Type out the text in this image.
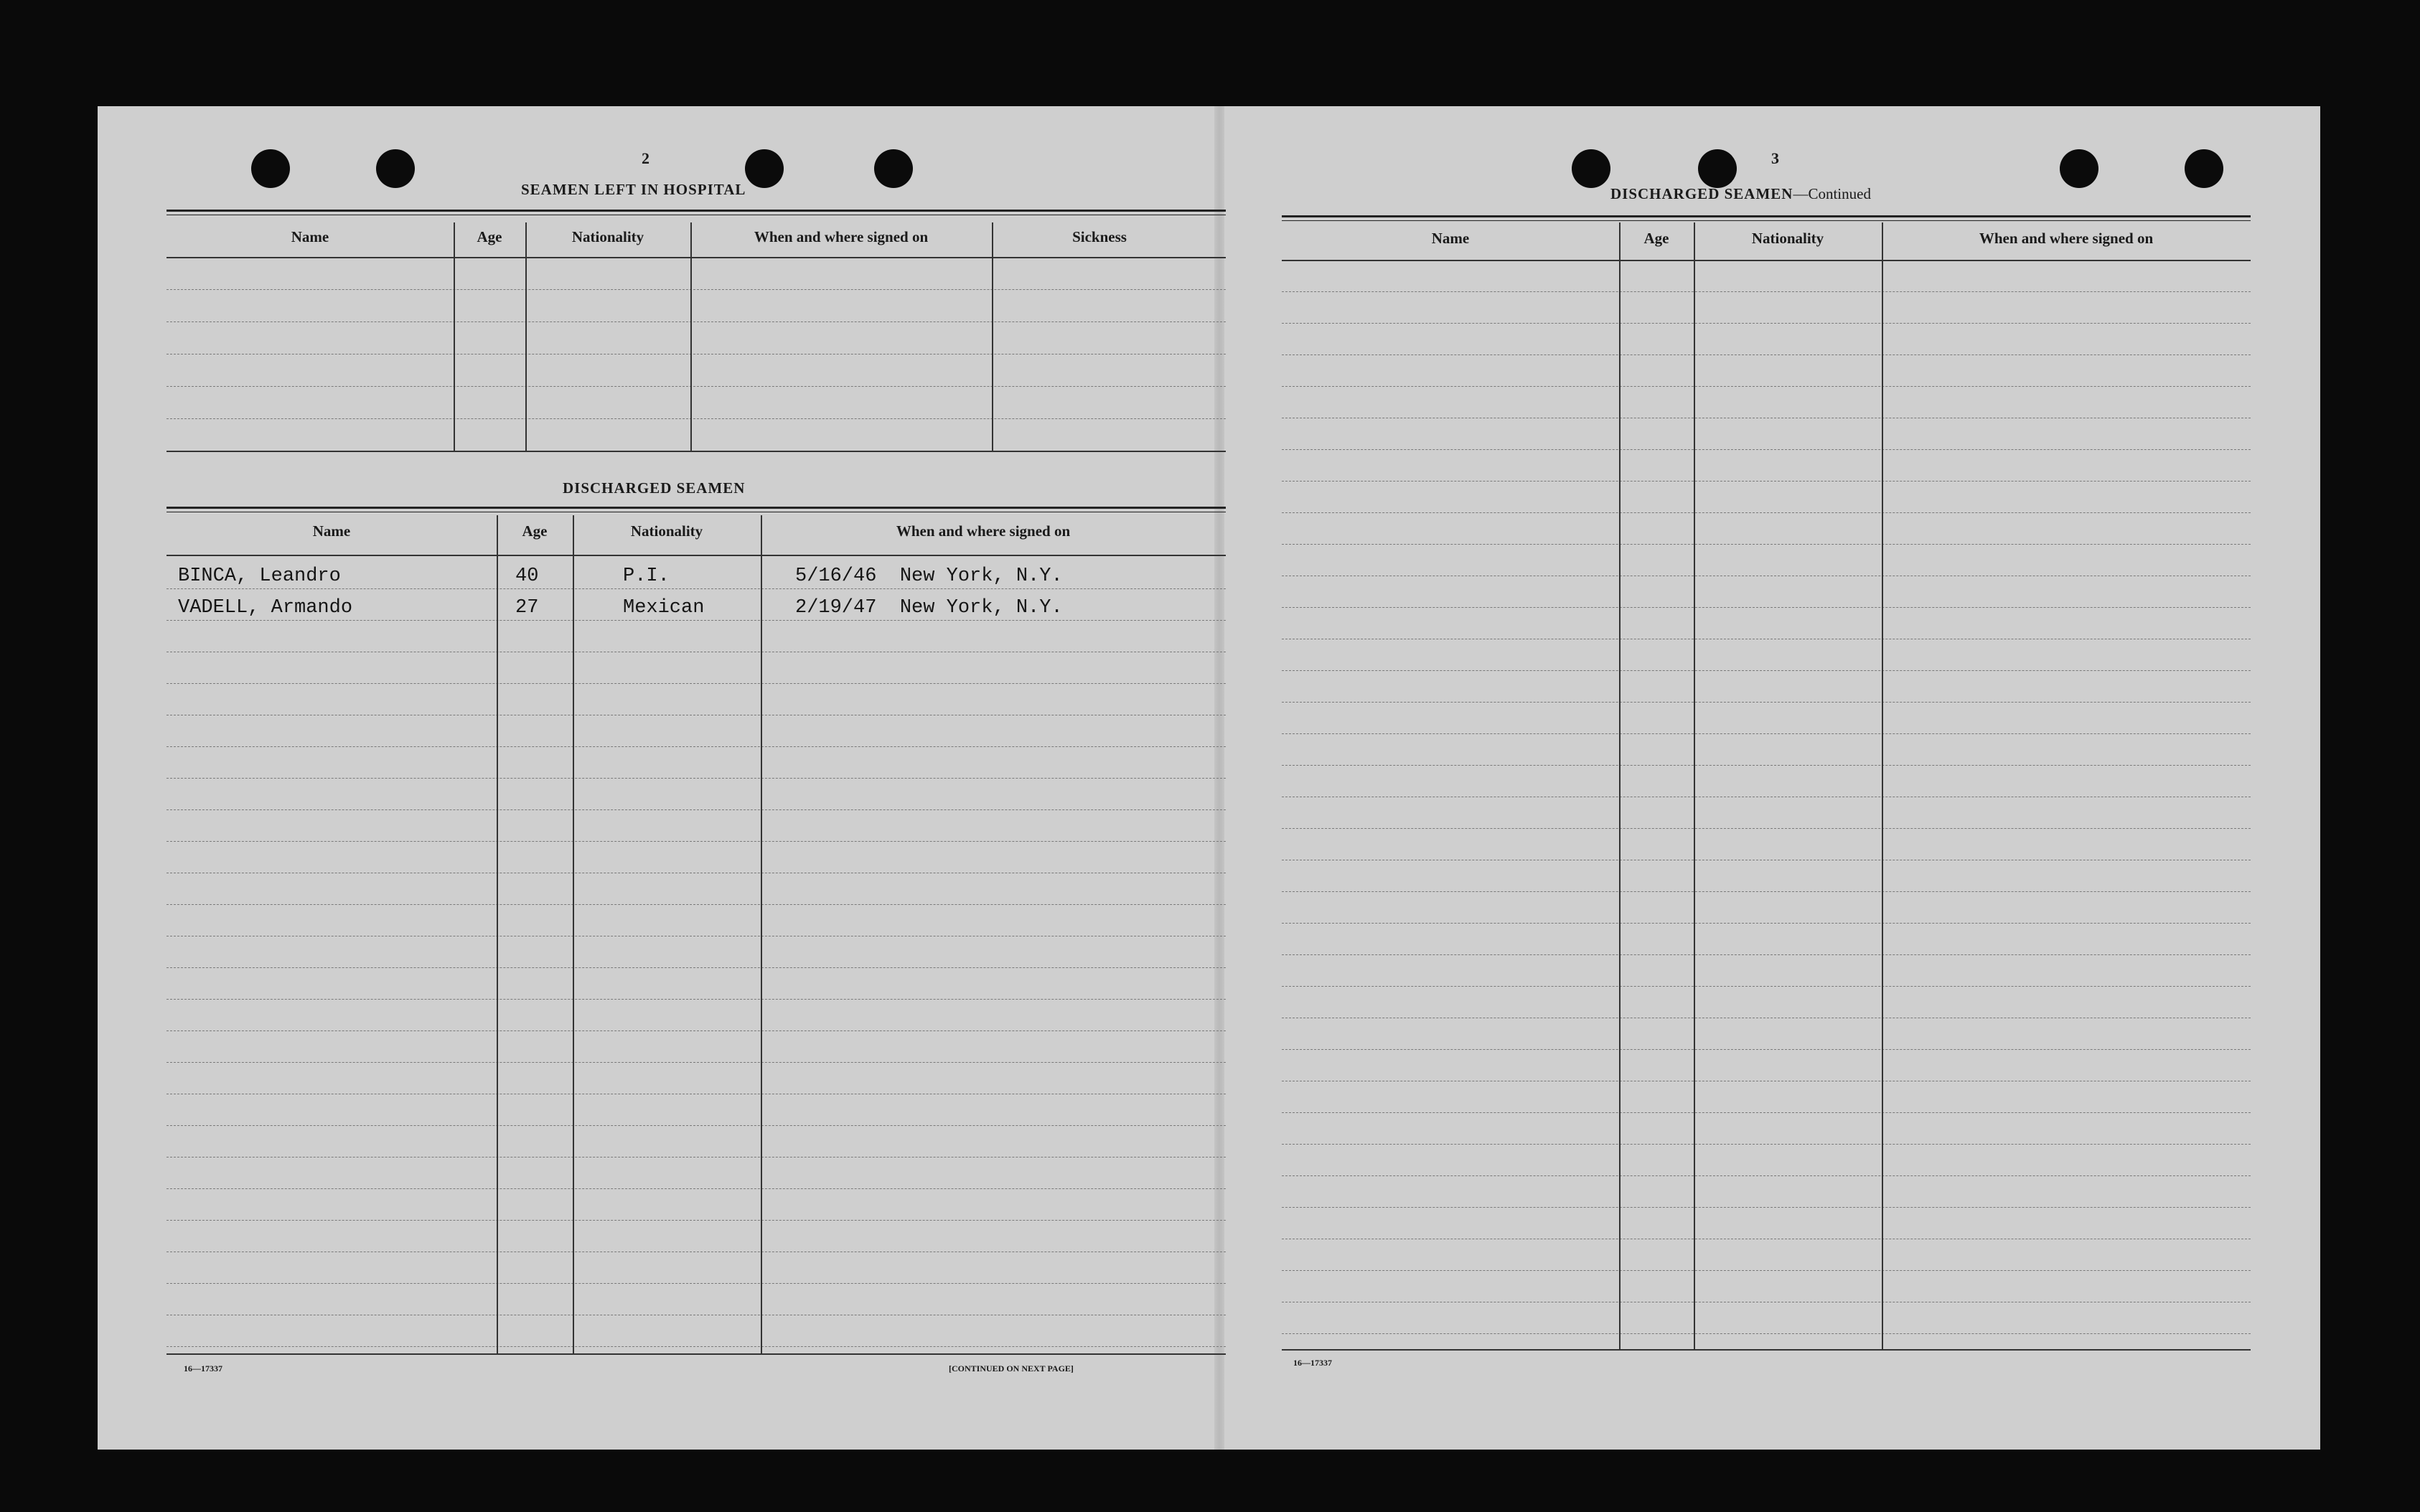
2
SEAMEN LEFT IN HOSPITAL
Name	Age	Nationality	When and where signed on	Sickness
DISCHARGED SEAMEN
Name	Age	Nationality	When and where signed on
BINCA, Leandro	40	P.I.	5/16/46  New York, N.Y.
VADELL, Armando	27	Mexican	2/19/47  New York, N.Y.
16—17337	[CONTINUED ON NEXT PAGE]
3
DISCHARGED SEAMEN—Continued
Name	Age	Nationality	When and where signed on
16—17337
